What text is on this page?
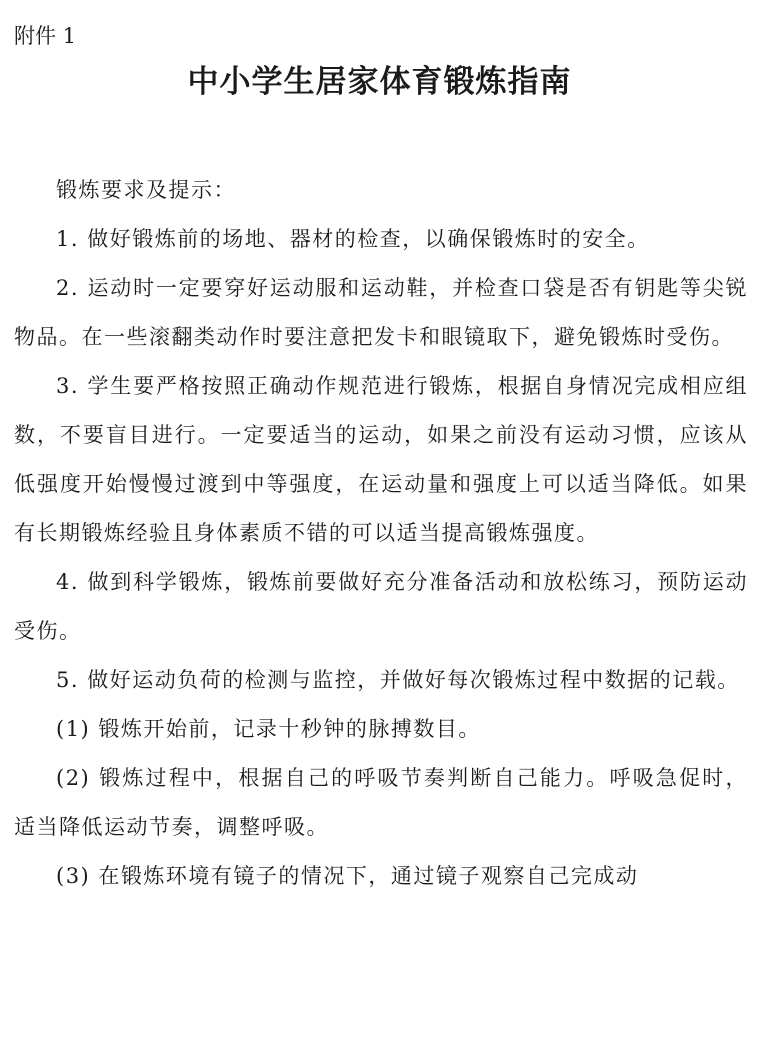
附件 1
中小学生居家体育锻炼指南

锻炼要求及提示：

1. 做好锻炼前的场地、器材的检查，以确保锻炼时的安全。

2. 运动时一定要穿好运动服和运动鞋，并检查口袋是否有钥匙等尖锐物品。在一些滚翻类动作时要注意把发卡和眼镜取下，避免锻炼时受伤。

3. 学生要严格按照正确动作规范进行锻炼，根据自身情况完成相应组数，不要盲目进行。一定要适当的运动，如果之前没有运动习惯，应该从低强度开始慢慢过渡到中等强度，在运动量和强度上可以适当降低。如果有长期锻炼经验且身体素质不错的可以适当提高锻炼强度。

4. 做到科学锻炼，锻炼前要做好充分准备活动和放松练习，预防运动受伤。

5. 做好运动负荷的检测与监控，并做好每次锻炼过程中数据的记载。

(1) 锻炼开始前，记录十秒钟的脉搏数目。

(2) 锻炼过程中，根据自己的呼吸节奏判断自己能力。呼吸急促时，适当降低运动节奏，调整呼吸。

(3) 在锻炼环境有镜子的情况下，通过镜子观察自己完成动
